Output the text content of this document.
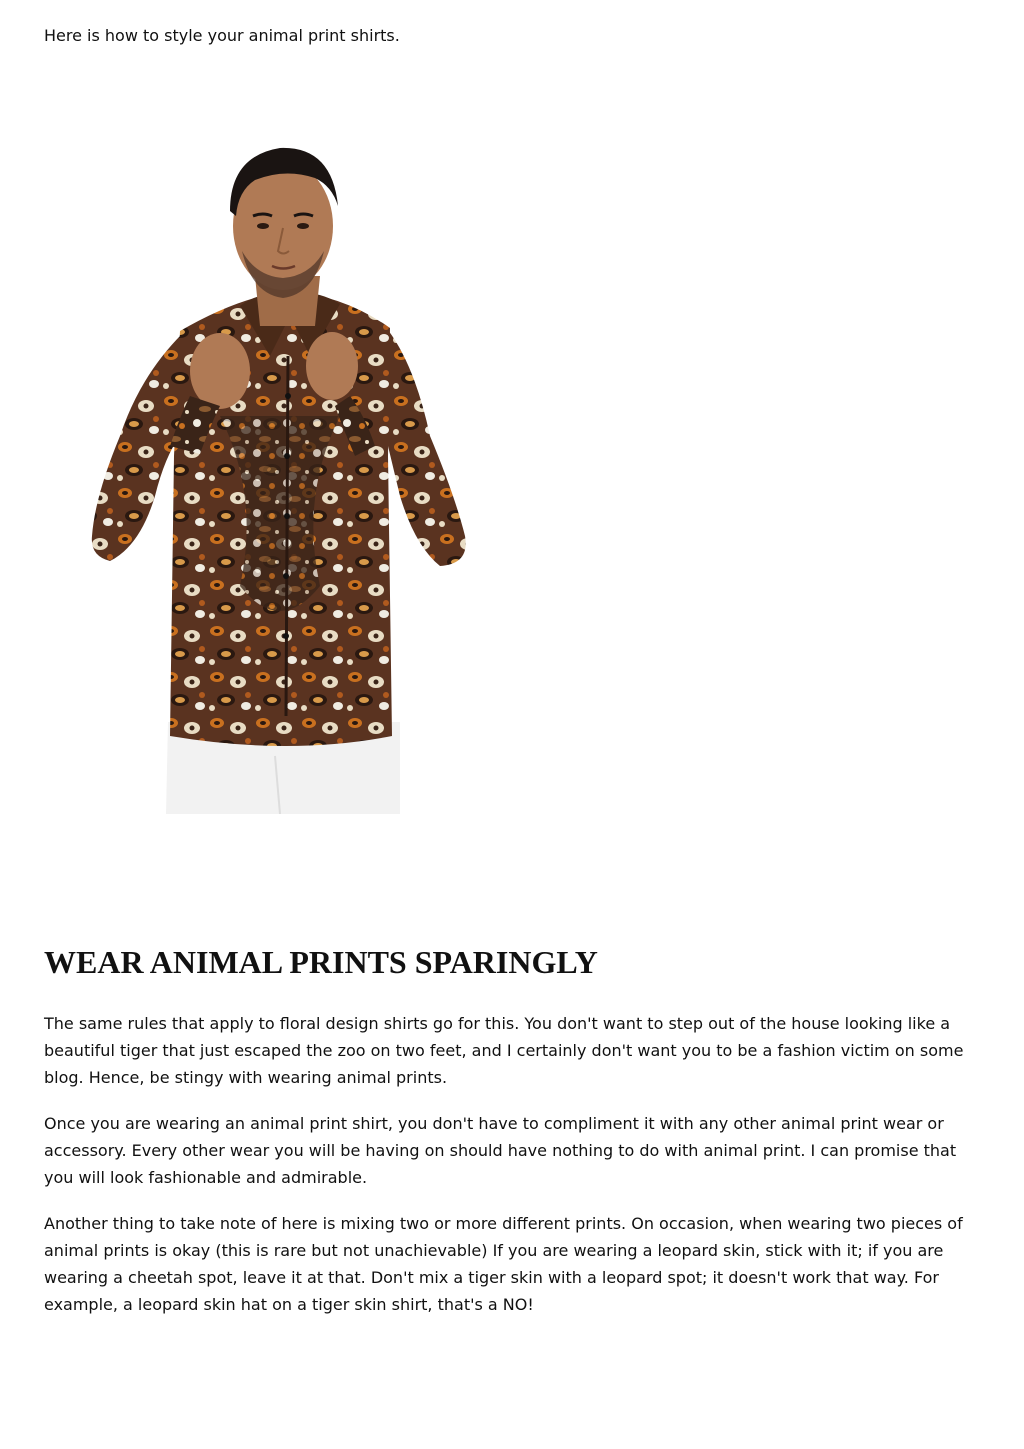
Here is how to style your animal print shirts.

WEAR ANIMAL PRINTS SPARINGLY

The same rules that apply to floral design shirts go for this. You don't want to step out of the house looking like a beautiful tiger that just escaped the zoo on two feet, and I certainly don't want you to be a fashion victim on some blog. Hence, be stingy with wearing animal prints.

Once you are wearing an animal print shirt, you don't have to compliment it with any other animal print wear or accessory. Every other wear you will be having on should have nothing to do with animal print. I can promise that you will look fashionable and admirable.

Another thing to take note of here is mixing two or more different prints. On occasion, when wearing two pieces of animal prints is okay (this is rare but not unachievable) If you are wearing a leopard skin, stick with it; if you are wearing a cheetah spot, leave it at that. Don't mix a tiger skin with a leopard spot; it doesn't work that way. For example, a leopard skin hat on a tiger skin shirt, that's a NO!
